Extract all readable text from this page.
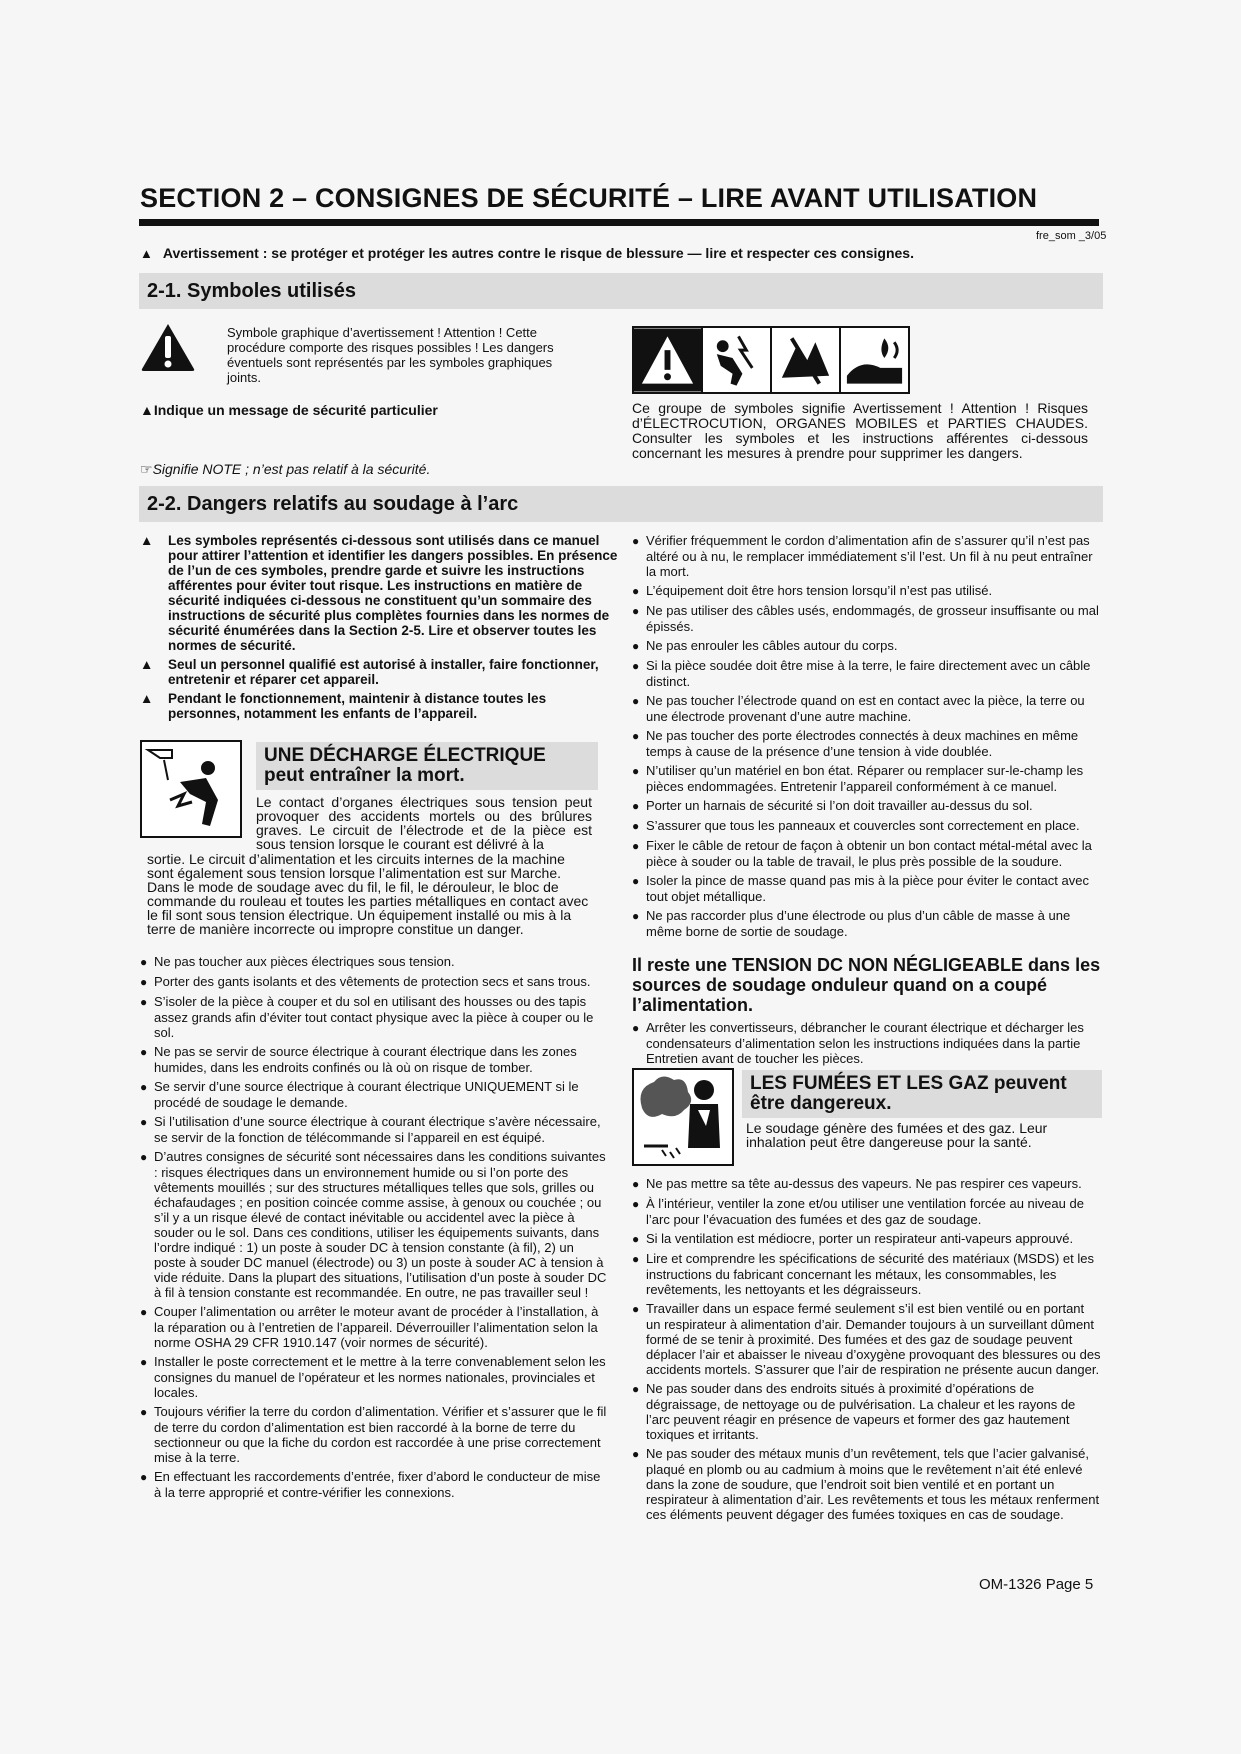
SECTION 2 – CONSIGNES DE SÉCURITÉ – LIRE AVANT UTILISATION
fre_som _3/05
▲ Avertissement : se protéger et protéger les autres contre le risque de blessure — lire et respecter ces consignes.
2-1. Symboles utilisés
Symbole graphique d’avertissement ! Attention ! Cette procédure comporte des risques possibles ! Les dangers éventuels sont représentés par les symboles graphiques joints.
▲Indique un message de sécurité particulier
☞Signifie NOTE ; n’est pas relatif à la sécurité.
Ce groupe de symboles signifie Avertissement ! Attention ! Risques d’ÉLECTROCUTION, ORGANES MOBILES et PARTIES CHAUDES. Consulter les symboles et les instructions afférentes ci-dessous concernant les mesures à prendre pour supprimer les dangers.
2-2. Dangers relatifs au soudage à l’arc
▲ Les symboles représentés ci-dessous sont utilisés dans ce manuel pour attirer l’attention et identifier les dangers possibles. En présence de l’un de ces symboles, prendre garde et suivre les instructions afférentes pour éviter tout risque. Les instructions en matière de sécurité indiquées ci-dessous ne constituent qu’un sommaire des instructions de sécurité plus complètes fournies dans les normes de sécurité énumérées dans la Section 2-5. Lire et observer toutes les normes de sécurité.
▲ Seul un personnel qualifié est autorisé à installer, faire fonctionner, entretenir et réparer cet appareil.
▲ Pendant le fonctionnement, maintenir à distance toutes les personnes, notamment les enfants de l’appareil.
UNE DÉCHARGE ÉLECTRIQUE peut entraîner la mort.
Le contact d’organes électriques sous tension peut provoquer des accidents mortels ou des brûlures graves. Le circuit de l’électrode et de la pièce est sous tension lorsque le courant est délivré à la
sortie. Le circuit d’alimentation et les circuits internes de la machine sont également sous tension lorsque l’alimentation est sur Marche. Dans le mode de soudage avec du fil, le fil, le dérouleur, le bloc de commande du rouleau et toutes les parties métalliques en contact avec le fil sont sous tension électrique. Un équipement installé ou mis à la terre de manière incorrecte ou impropre constitue un danger.
● Ne pas toucher aux pièces électriques sous tension.
● Porter des gants isolants et des vêtements de protection secs et sans trous.
● S’isoler de la pièce à couper et du sol en utilisant des housses ou des tapis assez grands afin d’éviter tout contact physique avec la pièce à couper ou le sol.
● Ne pas se servir de source électrique à courant électrique dans les zones humides, dans les endroits confinés ou là où on risque de tomber.
● Se servir d’une source électrique à courant électrique UNIQUEMENT si le procédé de soudage le demande.
● Si l’utilisation d’une source électrique à courant électrique s’avère nécessaire, se servir de la fonction de télécommande si l’appareil en est équipé.
● D’autres consignes de sécurité sont nécessaires dans les conditions suivantes : risques électriques dans un environnement humide ou si l’on porte des vêtements mouillés ; sur des structures métalliques telles que sols, grilles ou échafaudages ; en position coincée comme assise, à genoux ou couchée ; ou s’il y a un risque élevé de contact inévitable ou accidentel avec la pièce à souder ou le sol. Dans ces conditions, utiliser les équipements suivants, dans l’ordre indiqué : 1) un poste à souder DC à tension constante (à fil), 2) un poste à souder DC manuel (électrode) ou 3) un poste à souder AC à tension à vide réduite. Dans la plupart des situations, l’utilisation d’un poste à souder DC à fil à tension constante est recommandée. En outre, ne pas travailler seul !
● Couper l’alimentation ou arrêter le moteur avant de procéder à l’installation, à la réparation ou à l’entretien de l’appareil. Déverrouiller l’alimentation selon la norme OSHA 29 CFR 1910.147 (voir normes de sécurité).
● Installer le poste correctement et le mettre à la terre convenablement selon les consignes du manuel de l’opérateur et les normes nationales, provinciales et locales.
● Toujours vérifier la terre du cordon d’alimentation. Vérifier et s’assurer que le fil de terre du cordon d’alimentation est bien raccordé à la borne de terre du sectionneur ou que la fiche du cordon est raccordée à une prise correctement mise à la terre.
● En effectuant les raccordements d’entrée, fixer d’abord le conducteur de mise à la terre approprié et contre-vérifier les connexions.
● Vérifier fréquemment le cordon d’alimentation afin de s’assurer qu’il n’est pas altéré ou à nu, le remplacer immédiatement s’il l’est. Un fil à nu peut entraîner la mort.
● L’équipement doit être hors tension lorsqu’il n’est pas utilisé.
● Ne pas utiliser des câbles usés, endommagés, de grosseur insuffisante ou mal épissés.
● Ne pas enrouler les câbles autour du corps.
● Si la pièce soudée doit être mise à la terre, le faire directement avec un câble distinct.
● Ne pas toucher l’électrode quand on est en contact avec la pièce, la terre ou une électrode provenant d’une autre machine.
● Ne pas toucher des porte électrodes connectés à deux machines en même temps à cause de la présence d’une tension à vide doublée.
● N’utiliser qu’un matériel en bon état. Réparer ou remplacer sur-le-champ les pièces endommagées. Entretenir l’appareil conformément à ce manuel.
● Porter un harnais de sécurité si l’on doit travailler au-dessus du sol.
● S’assurer que tous les panneaux et couvercles sont correctement en place.
● Fixer le câble de retour de façon à obtenir un bon contact métal-métal avec la pièce à souder ou la table de travail, le plus près possible de la soudure.
● Isoler la pince de masse quand pas mis à la pièce pour éviter le contact avec tout objet métallique.
● Ne pas raccorder plus d’une électrode ou plus d’un câble de masse à une même borne de sortie de soudage.
Il reste une TENSION DC NON NÉGLIGEABLE dans les sources de soudage onduleur quand on a coupé l’alimentation.
● Arrêter les convertisseurs, débrancher le courant électrique et décharger les condensateurs d’alimentation selon les instructions indiquées dans la partie Entretien avant de toucher les pièces.
LES FUMÉES ET LES GAZ peuvent être dangereux.
Le soudage génère des fumées et des gaz. Leur inhalation peut être dangereuse pour la santé.
● Ne pas mettre sa tête au-dessus des vapeurs. Ne pas respirer ces vapeurs.
● À l’intérieur, ventiler la zone et/ou utiliser une ventilation forcée au niveau de l’arc pour l’évacuation des fumées et des gaz de soudage.
● Si la ventilation est médiocre, porter un respirateur anti-vapeurs approuvé.
● Lire et comprendre les spécifications de sécurité des matériaux (MSDS) et les instructions du fabricant concernant les métaux, les consommables, les revêtements, les nettoyants et les dégraisseurs.
● Travailler dans un espace fermé seulement s’il est bien ventilé ou en portant un respirateur à alimentation d’air. Demander toujours à un surveillant dûment formé de se tenir à proximité. Des fumées et des gaz de soudage peuvent déplacer l’air et abaisser le niveau d’oxygène provoquant des blessures ou des accidents mortels. S’assurer que l’air de respiration ne présente aucun danger.
● Ne pas souder dans des endroits situés à proximité d’opérations de dégraissage, de nettoyage ou de pulvérisation. La chaleur et les rayons de l’arc peuvent réagir en présence de vapeurs et former des gaz hautement toxiques et irritants.
● Ne pas souder des métaux munis d’un revêtement, tels que l’acier galvanisé, plaqué en plomb ou au cadmium à moins que le revêtement n’ait été enlevé dans la zone de soudure, que l’endroit soit bien ventilé et en portant un respirateur à alimentation d’air. Les revêtements et tous les métaux renferment ces éléments peuvent dégager des fumées toxiques en cas de soudage.
OM-1326 Page 5
